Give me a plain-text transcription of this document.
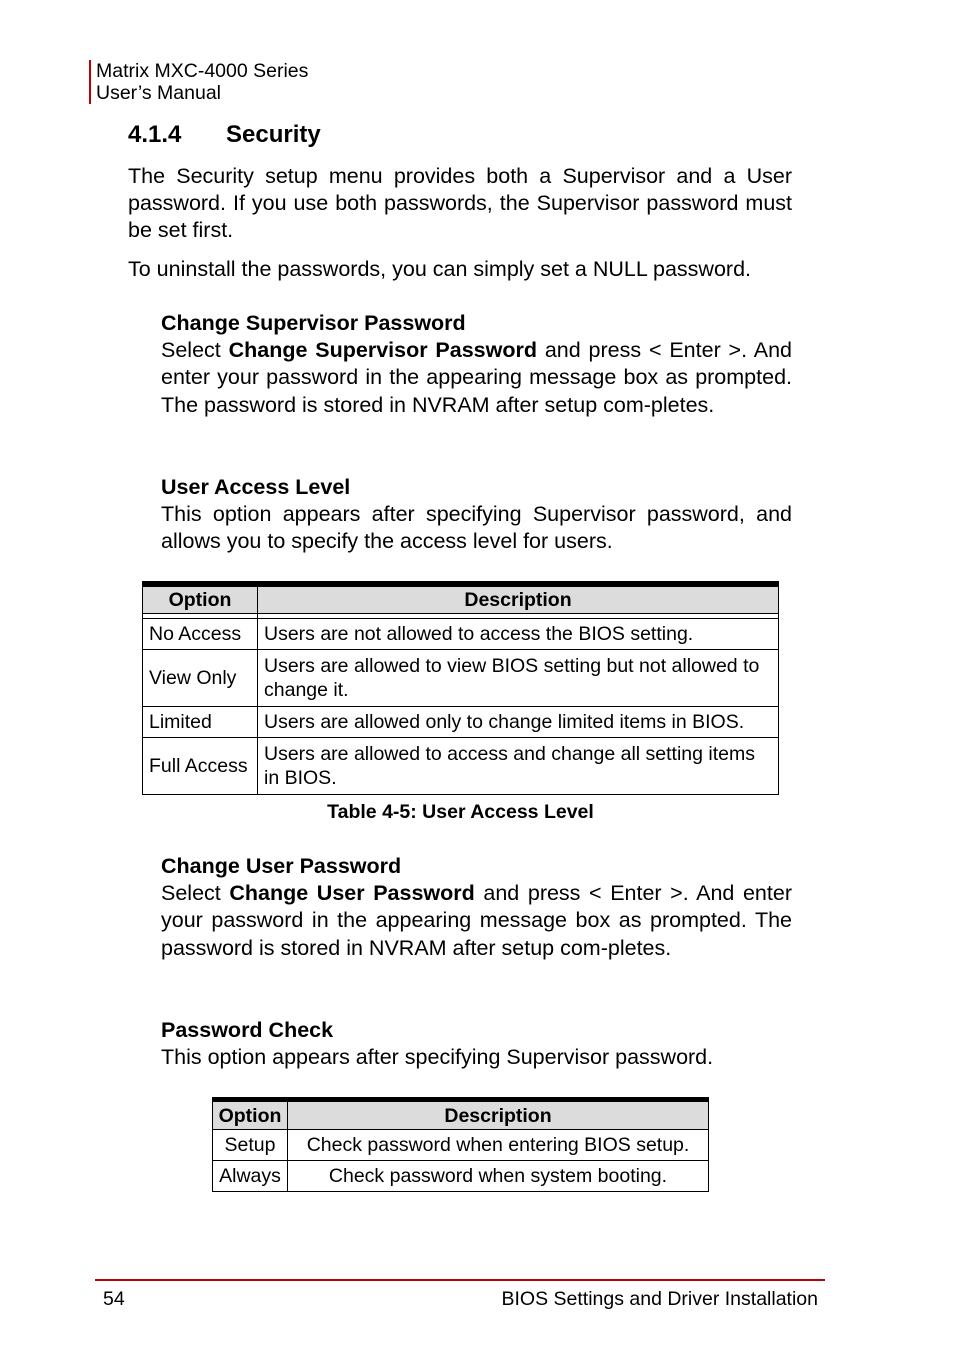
Matrix MXC-4000 Series
User’s Manual
4.1.4 Security

The Security setup menu provides both a Supervisor and a User password. If you use both passwords, the Supervisor password must be set first.

To uninstall the passwords, you can simply set a NULL password.

Change Supervisor Password
Select Change Supervisor Password and press < Enter >. And enter your password in the appearing message box as prompted. The password is stored in NVRAM after setup com-pletes.
User Access Level
This option appears after specifying Supervisor password, and allows you to specify the access level for users.
Option	Description

No Access	Users are not allowed to access the BIOS setting.
View Only	Users are allowed to view BIOS setting but not allowed to change it.
Limited	Users are allowed only to change limited items in BIOS.
Full Access	Users are allowed to access and change all setting items in BIOS.
Table 4-5: User Access Level
Change User Password
Select Change User Password and press < Enter >. And enter your password in the appearing message box as prompted. The password is stored in NVRAM after setup com-pletes.
Password Check
This option appears after specifying Supervisor password.
Option	Description
Setup	Check password when entering BIOS setup.
Always	Check password when system booting.
54	BIOS Settings and Driver Installation
